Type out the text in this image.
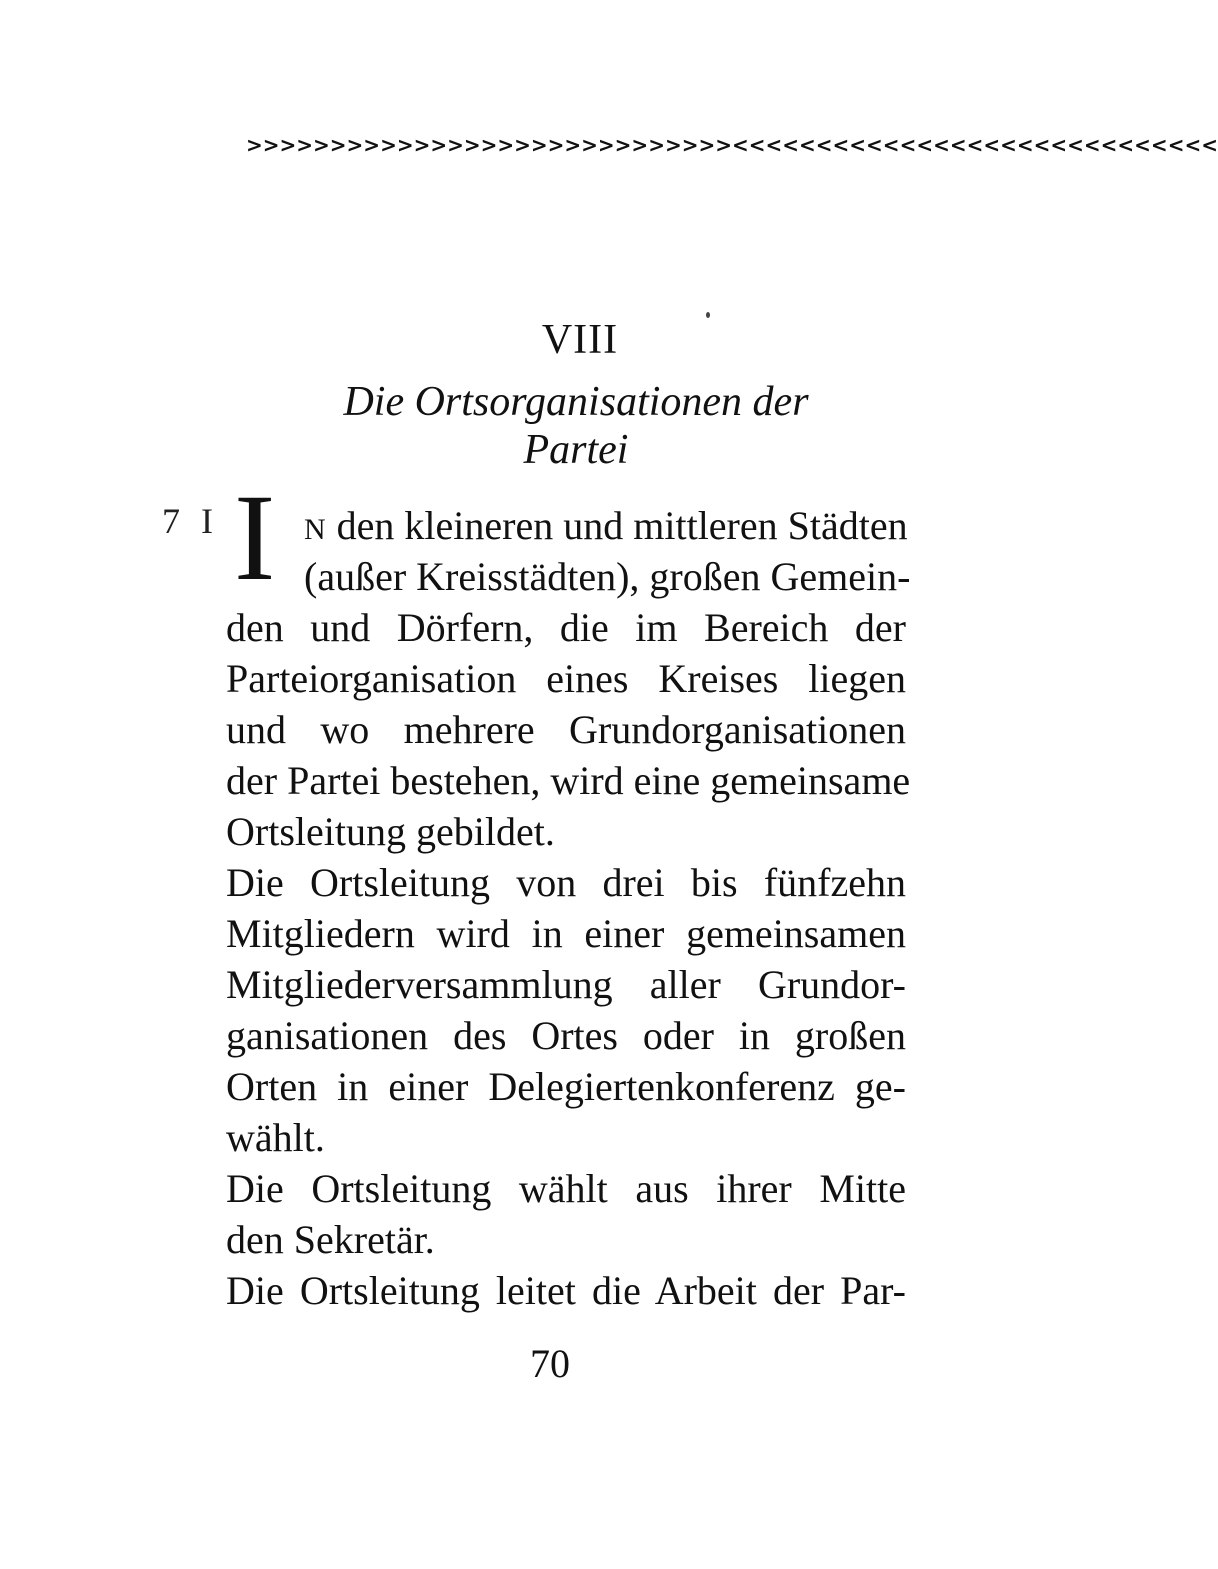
>>>>>>>>>>>>>>>>>>>>>>>>>>>>> <<<<<<<<<<<<<<<<<<<<<<<<<<<<<
VIII
Die Ortsorganisationen der Partei
7 I I N den kleineren und mittleren Städten
(außer Kreisstädten), großen Gemein-
den und Dörfern, die im Bereich der
Parteiorganisation eines Kreises liegen
und wo mehrere Grundorganisationen
der Partei bestehen, wird eine gemeinsame
Ortsleitung gebildet.
Die Ortsleitung von drei bis fünfzehn
Mitgliedern wird in einer gemeinsamen
Mitgliederversammlung aller Grundor-
ganisationen des Ortes oder in großen
Orten in einer Delegiertenkonferenz ge-
wählt.
Die Ortsleitung wählt aus ihrer Mitte
den Sekretär.
Die Ortsleitung leitet die Arbeit der Par-
70
